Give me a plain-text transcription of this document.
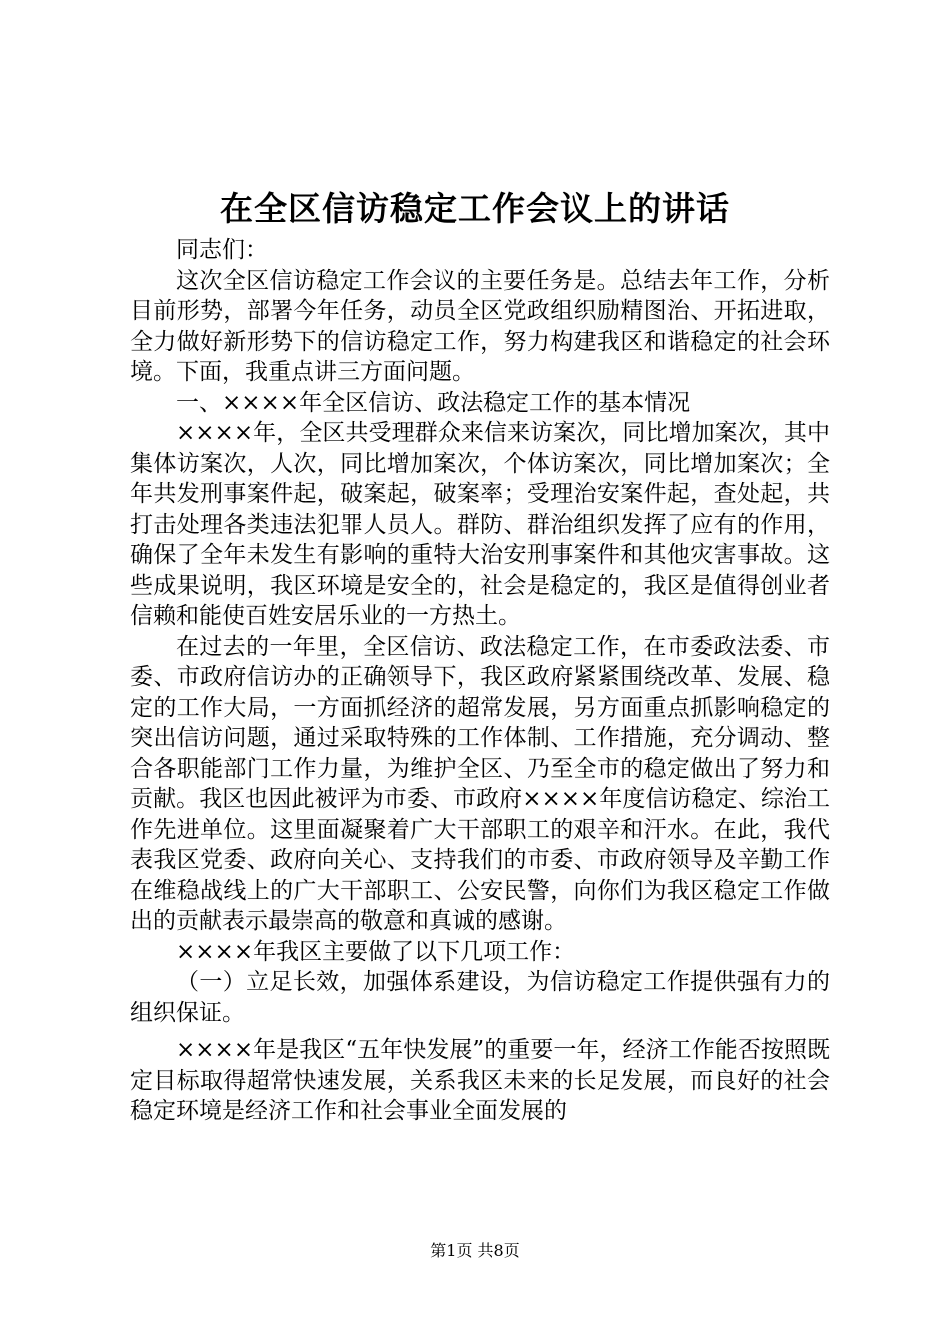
在全区信访稳定工作会议上的讲话

同志们：

这次全区信访稳定工作会议的主要任务是。总结去年工作，分析目前形势，部署今年任务，动员全区党政组织励精图治、开拓进取，全力做好新形势下的信访稳定工作，努力构建我区和谐稳定的社会环境。下面，我重点讲三方面问题。

一、××××年全区信访、政法稳定工作的基本情况

××××年，全区共受理群众来信来访案次，同比增加案次，其中集体访案次，人次，同比增加案次，个体访案次，同比增加案次；全年共发刑事案件起，破案起，破案率；受理治安案件起，查处起，共打击处理各类违法犯罪人员人。群防、群治组织发挥了应有的作用，确保了全年未发生有影响的重特大治安刑事案件和其他灾害事故。这些成果说明，我区环境是安全的，社会是稳定的，我区是值得创业者信赖和能使百姓安居乐业的一方热土。

在过去的一年里，全区信访、政法稳定工作，在市委政法委、市委、市政府信访办的正确领导下，我区政府紧紧围绕改革、发展、稳定的工作大局，一方面抓经济的超常发展，另方面重点抓影响稳定的突出信访问题，通过采取特殊的工作体制、工作措施，充分调动、整合各职能部门工作力量，为维护全区、乃至全市的稳定做出了努力和贡献。我区也因此被评为市委、市政府××××年度信访稳定、综治工作先进单位。这里面凝聚着广大干部职工的艰辛和汗水。在此，我代表我区党委、政府向关心、支持我们的市委、市政府领导及辛勤工作在维稳战线上的广大干部职工、公安民警，向你们为我区稳定工作做出的贡献表示最崇高的敬意和真诚的感谢。

××××年我区主要做了以下几项工作：

（一）立足长效，加强体系建设，为信访稳定工作提供强有力的组织保证。

××××年是我区“五年快发展”的重要一年，经济工作能否按照既定目标取得超常快速发展，关系我区未来的长足发展，而良好的社会稳定环境是经济工作和社会事业全面发展的

第1页 共8页
